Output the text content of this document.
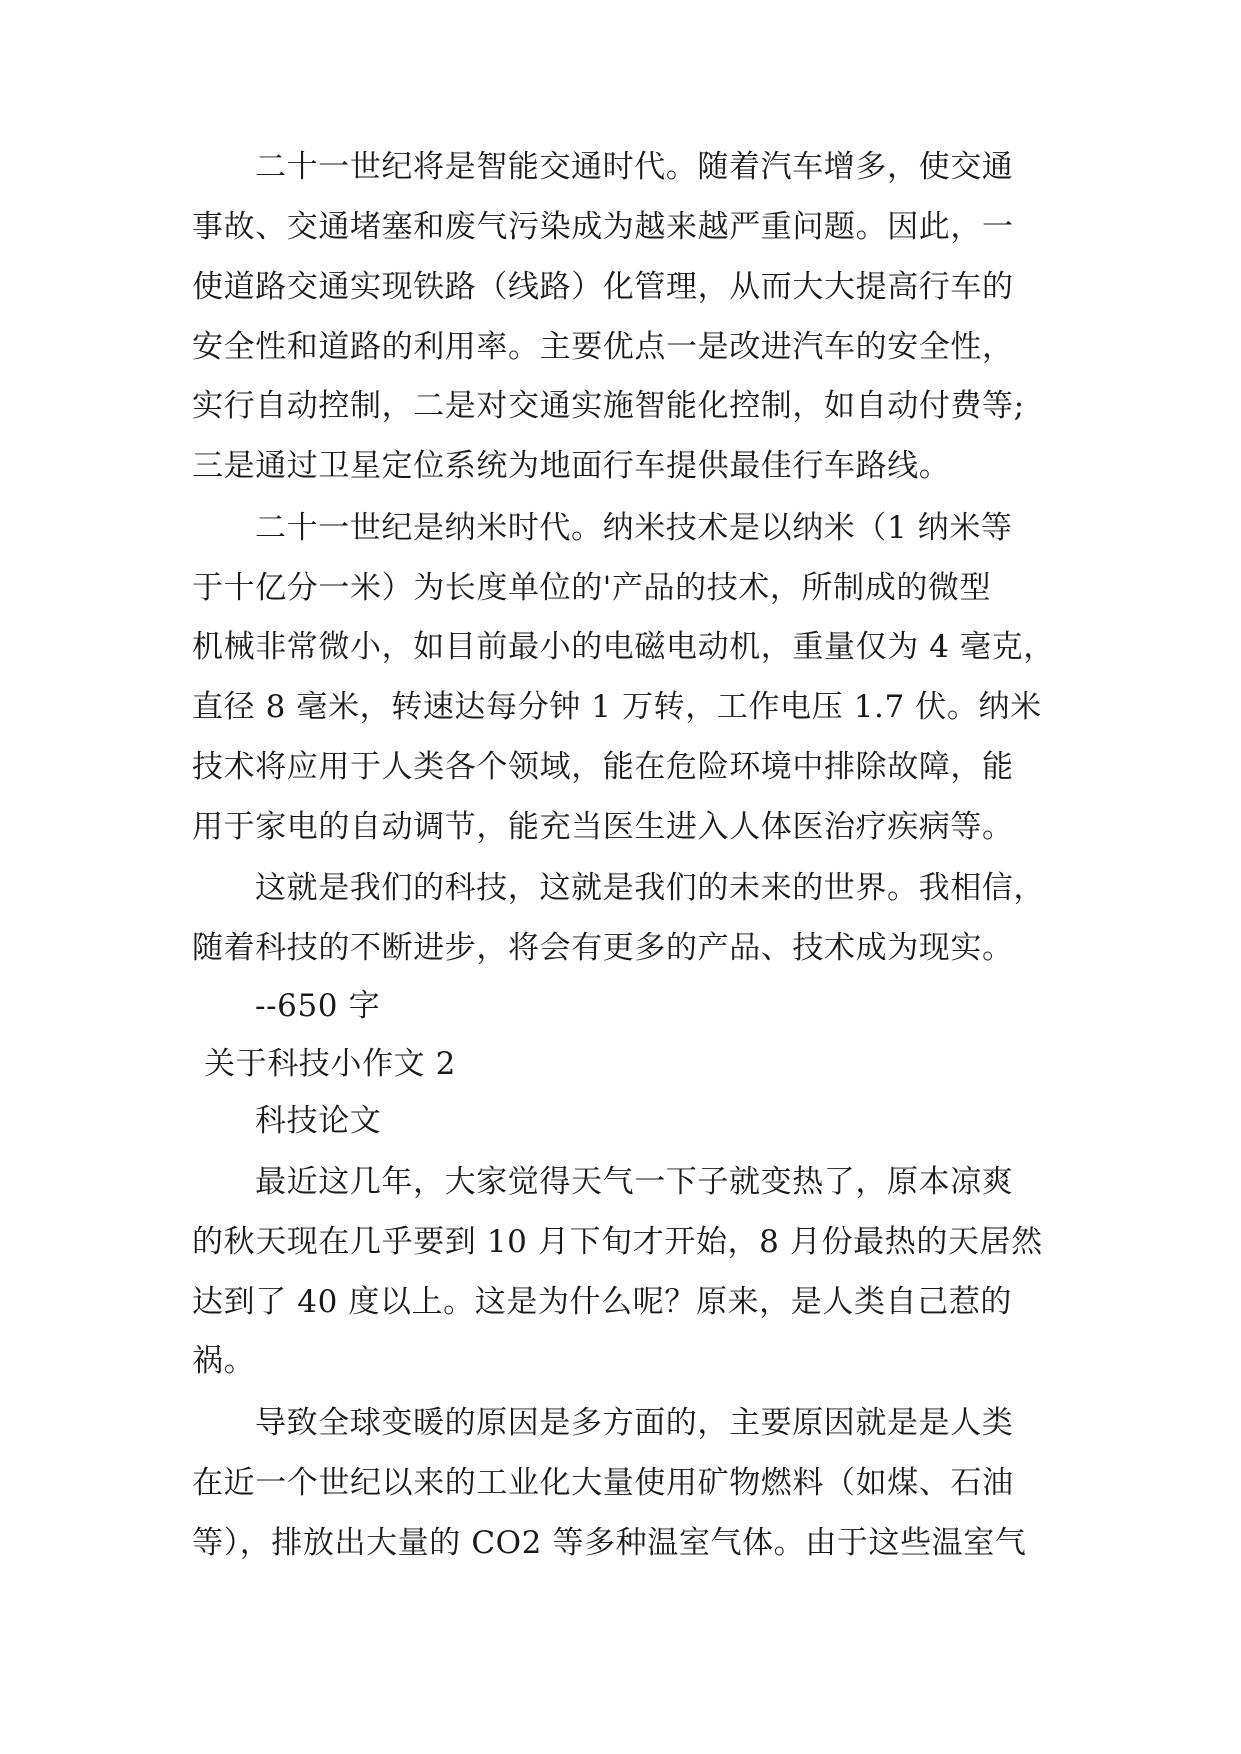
二十一世纪将是智能交通时代。随着汽车增多，使交通
事故、交通堵塞和废气污染成为越来越严重问题。因此，一
使道路交通实现铁路（线路）化管理，从而大大提高行车的
安全性和道路的利用率。主要优点一是改进汽车的安全性，
实行自动控制，二是对交通实施智能化控制，如自动付费等;
三是通过卫星定位系统为地面行车提供最佳行车路线。
二十一世纪是纳米时代。纳米技术是以纳米（1 纳米等
于十亿分一米）为长度单位的'产品的技术，所制成的微型
机械非常微小，如目前最小的电磁电动机，重量仅为 4 毫克，
直径 8 毫米，转速达每分钟 1 万转，工作电压 1.7 伏。纳米
技术将应用于人类各个领域，能在危险环境中排除故障，能
用于家电的自动调节，能充当医生进入人体医治疗疾病等。
这就是我们的科技，这就是我们的未来的世界。我相信，
随着科技的不断进步，将会有更多的产品、技术成为现实。
--650 字
关于科技小作文 2
科技论文
最近这几年，大家觉得天气一下子就变热了，原本凉爽
的秋天现在几乎要到 10 月下旬才开始，8 月份最热的天居然
达到了 40 度以上。这是为什么呢？原来，是人类自己惹的
祸。
导致全球变暖的原因是多方面的，主要原因就是是人类
在近一个世纪以来的工业化大量使用矿物燃料（如煤、石油
等），排放出大量的 CO2 等多种温室气体。由于这些温室气
